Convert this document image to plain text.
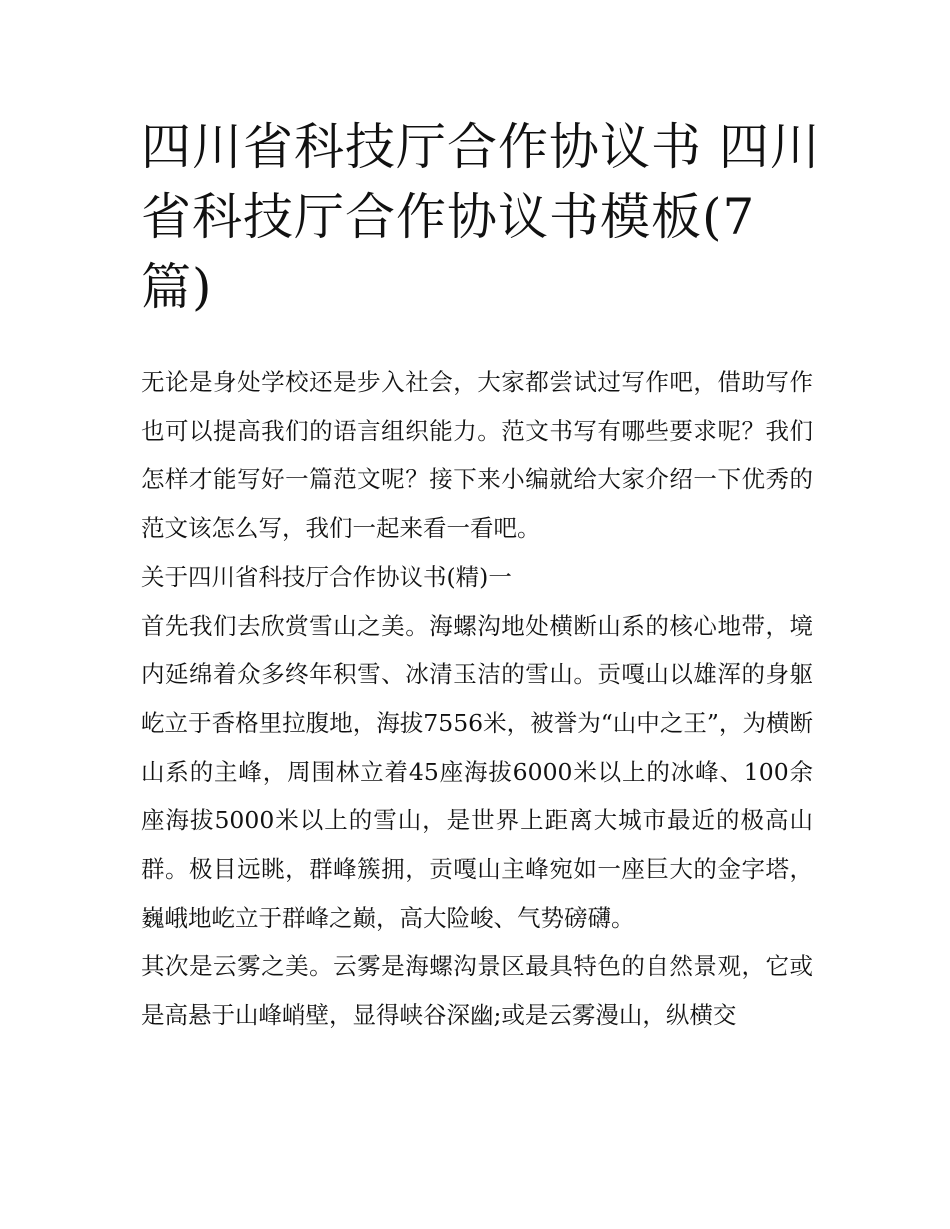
四川省科技厅合作协议书 四川省科技厅合作协议书模板(7篇)

无论是身处学校还是步入社会，大家都尝试过写作吧，借助写作也可以提高我们的语言组织能力。范文书写有哪些要求呢？我们怎样才能写好一篇范文呢？接下来小编就给大家介绍一下优秀的范文该怎么写，我们一起来看一看吧。

关于四川省科技厅合作协议书(精)一

首先我们去欣赏雪山之美。海螺沟地处横断山系的核心地带，境内延绵着众多终年积雪、冰清玉洁的雪山。贡嘎山以雄浑的身躯屹立于香格里拉腹地，海拔7556米，被誉为“山中之王”，为横断山系的主峰，周围林立着45座海拔6000米以上的冰峰、100余座海拔5000米以上的雪山，是世界上距离大城市最近的极高山群。极目远眺，群峰簇拥，贡嘎山主峰宛如一座巨大的金字塔，巍峨地屹立于群峰之巅，高大险峻、气势磅礴。

其次是云雾之美。云雾是海螺沟景区最具特色的自然景观，它或是高悬于山峰峭壁，显得峡谷深幽;或是云雾漫山，纵横交
